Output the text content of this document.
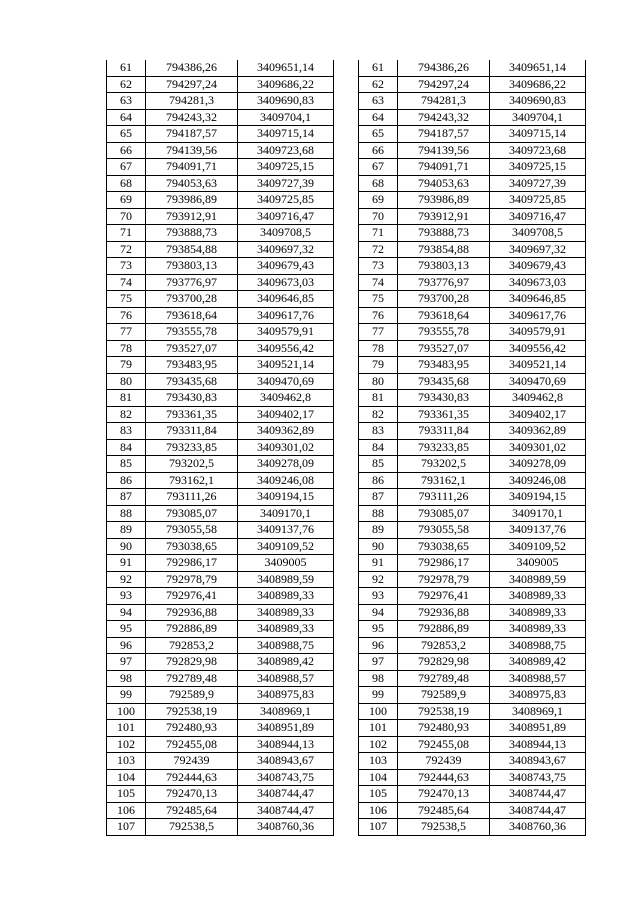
61	794386,26	3409651,14
62	794297,24	3409686,22
63	794281,3	3409690,83
64	794243,32	3409704,1
65	794187,57	3409715,14
66	794139,56	3409723,68
67	794091,71	3409725,15
68	794053,63	3409727,39
69	793986,89	3409725,85
70	793912,91	3409716,47
71	793888,73	3409708,5
72	793854,88	3409697,32
73	793803,13	3409679,43
74	793776,97	3409673,03
75	793700,28	3409646,85
76	793618,64	3409617,76
77	793555,78	3409579,91
78	793527,07	3409556,42
79	793483,95	3409521,14
80	793435,68	3409470,69
81	793430,83	3409462,8
82	793361,35	3409402,17
83	793311,84	3409362,89
84	793233,85	3409301,02
85	793202,5	3409278,09
86	793162,1	3409246,08
87	793111,26	3409194,15
88	793085,07	3409170,1
89	793055,58	3409137,76
90	793038,65	3409109,52
91	792986,17	3409005
92	792978,79	3408989,59
93	792976,41	3408989,33
94	792936,88	3408989,33
95	792886,89	3408989,33
96	792853,2	3408988,75
97	792829,98	3408989,42
98	792789,48	3408988,57
99	792589,9	3408975,83
100	792538,19	3408969,1
101	792480,93	3408951,89
102	792455,08	3408944,13
103	792439	3408943,67
104	792444,63	3408743,75
105	792470,13	3408744,47
106	792485,64	3408744,47
107	792538,5	3408760,36
61	794386,26	3409651,14
62	794297,24	3409686,22
63	794281,3	3409690,83
64	794243,32	3409704,1
65	794187,57	3409715,14
66	794139,56	3409723,68
67	794091,71	3409725,15
68	794053,63	3409727,39
69	793986,89	3409725,85
70	793912,91	3409716,47
71	793888,73	3409708,5
72	793854,88	3409697,32
73	793803,13	3409679,43
74	793776,97	3409673,03
75	793700,28	3409646,85
76	793618,64	3409617,76
77	793555,78	3409579,91
78	793527,07	3409556,42
79	793483,95	3409521,14
80	793435,68	3409470,69
81	793430,83	3409462,8
82	793361,35	3409402,17
83	793311,84	3409362,89
84	793233,85	3409301,02
85	793202,5	3409278,09
86	793162,1	3409246,08
87	793111,26	3409194,15
88	793085,07	3409170,1
89	793055,58	3409137,76
90	793038,65	3409109,52
91	792986,17	3409005
92	792978,79	3408989,59
93	792976,41	3408989,33
94	792936,88	3408989,33
95	792886,89	3408989,33
96	792853,2	3408988,75
97	792829,98	3408989,42
98	792789,48	3408988,57
99	792589,9	3408975,83
100	792538,19	3408969,1
101	792480,93	3408951,89
102	792455,08	3408944,13
103	792439	3408943,67
104	792444,63	3408743,75
105	792470,13	3408744,47
106	792485,64	3408744,47
107	792538,5	3408760,36
